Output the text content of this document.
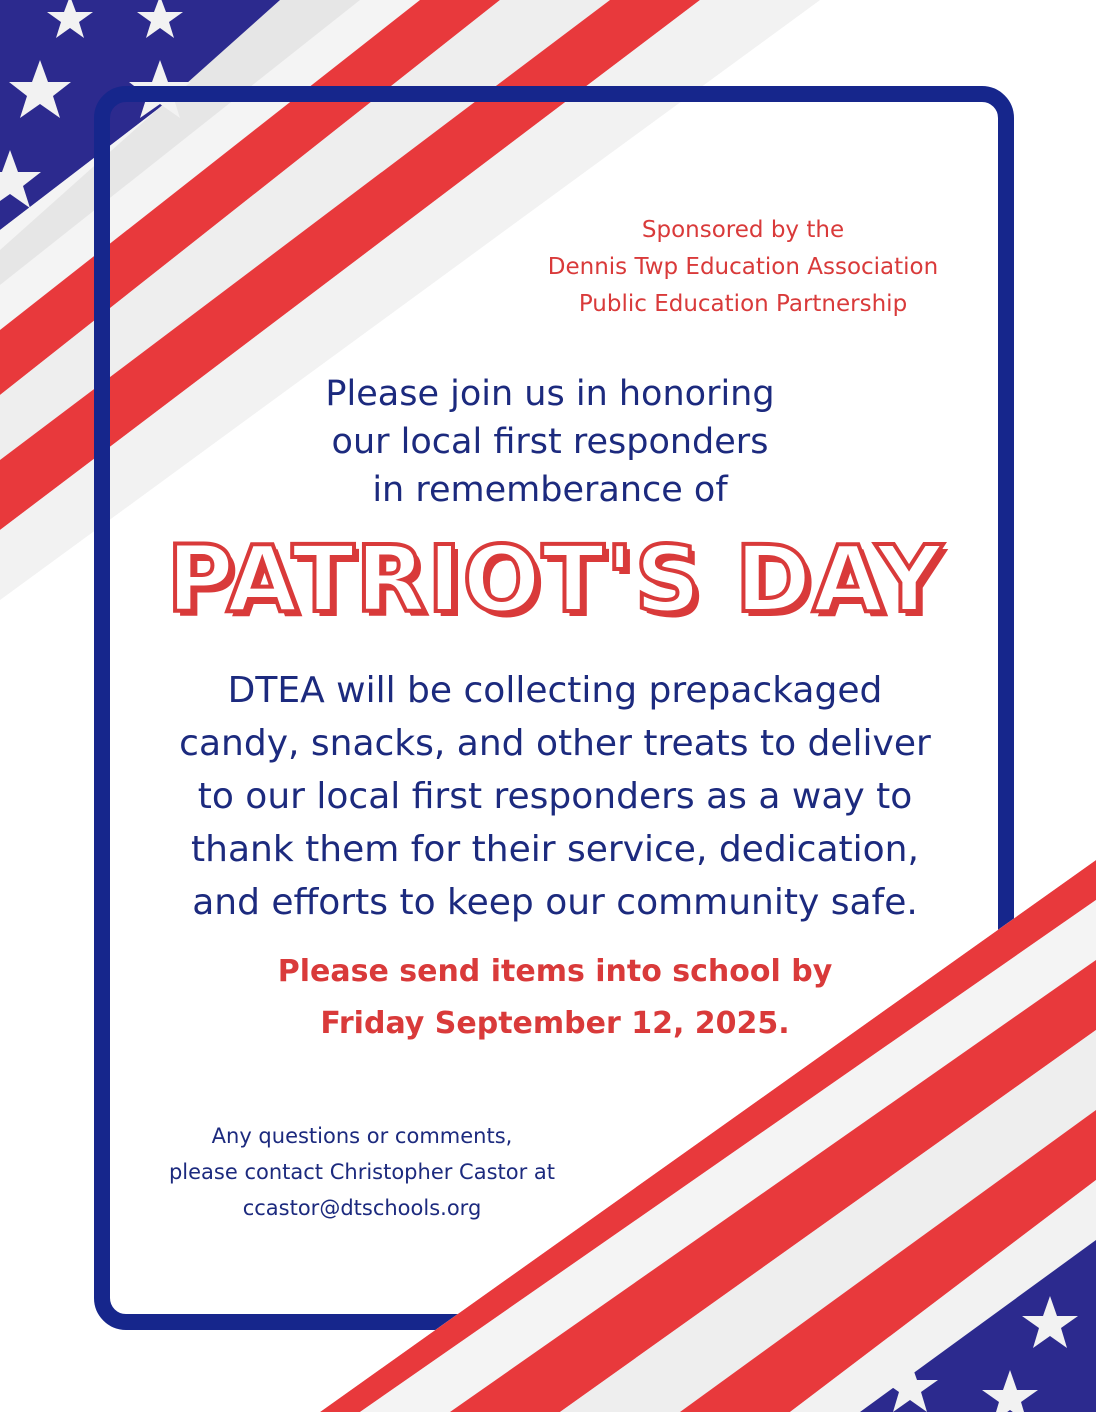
Sponsored by the
Dennis Twp Education Association
Public Education Partnership
Please join us in honoring
our local first responders
in rememberance of
PATRIOT'S DAY
DTEA will be collecting prepackaged
candy, snacks, and other treats to deliver
to our local first responders as a way to
thank them for their service, dedication,
and efforts to keep our community safe.
Please send items into school by
Friday September 12, 2025.
Any questions or comments,
please contact Christopher Castor at
ccastor@dtschools.org
